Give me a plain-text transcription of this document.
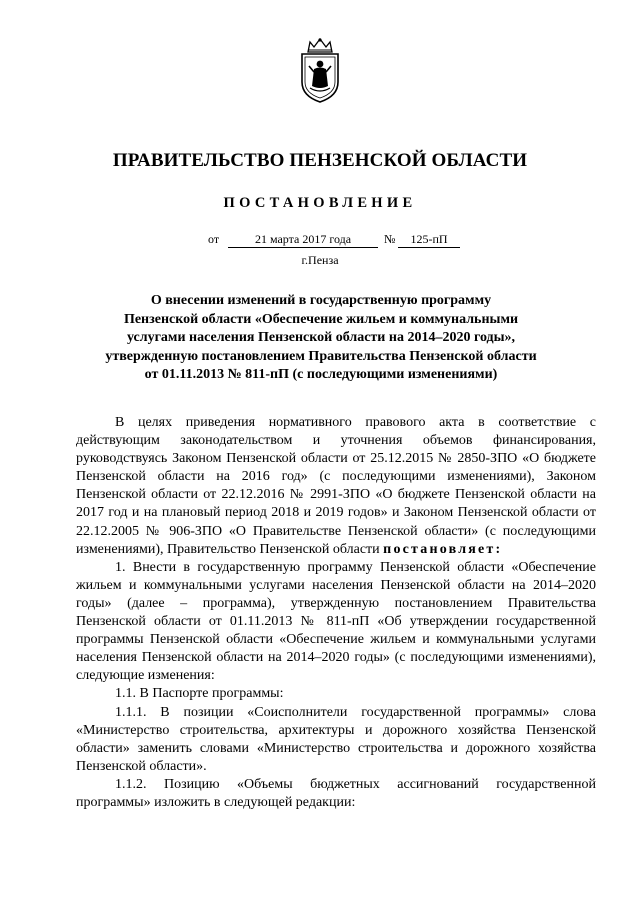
ПРАВИТЕЛЬСТВО ПЕНЗЕНСКОЙ ОБЛАСТИ
ПОСТАНОВЛЕНИЕ
от	21 марта 2017 года	№	125-пП
г.Пенза
О внесении изменений в государственную программу
Пензенской области «Обеспечение жильем и коммунальными
услугами населения Пензенской области на 2014–2020 годы»,
утвержденную постановлением Правительства Пензенской области
от 01.11.2013 № 811-пП (с последующими изменениями)
В целях приведения нормативного правового акта в соответствие с действующим законодательством и уточнения объемов финансирования, руководствуясь Законом Пензенской области от 25.12.2015 № 2850-ЗПО «О бюджете Пензенской области на 2016 год» (с последующими изменениями), Законом Пензенской области от 22.12.2016 № 2991-ЗПО «О бюджете Пензенской области на 2017 год и на плановый период 2018 и 2019 годов» и Законом Пензенской области от 22.12.2005 № 906-ЗПО «О Правительстве Пензенской области» (с последующими изменениями), Правительство Пензенской области постановляет:
1. Внести в государственную программу Пензенской области «Обеспечение жильем и коммунальными услугами населения Пензенской области на 2014–2020 годы» (далее – программа), утвержденную постановлением Правительства Пензенской области от 01.11.2013 № 811-пП «Об утверждении государственной программы Пензенской области «Обеспечение жильем и коммунальными услугами населения Пензенской области на 2014–2020 годы» (с последующими изменениями), следующие изменения:
1.1. В Паспорте программы:
1.1.1. В позиции «Соисполнители государственной программы» слова «Министерство строительства, архитектуры и дорожного хозяйства Пензенской области» заменить словами «Министерство строительства и дорожного хозяйства Пензенской области».
1.1.2. Позицию «Объемы бюджетных ассигнований государственной программы» изложить в следующей редакции:
